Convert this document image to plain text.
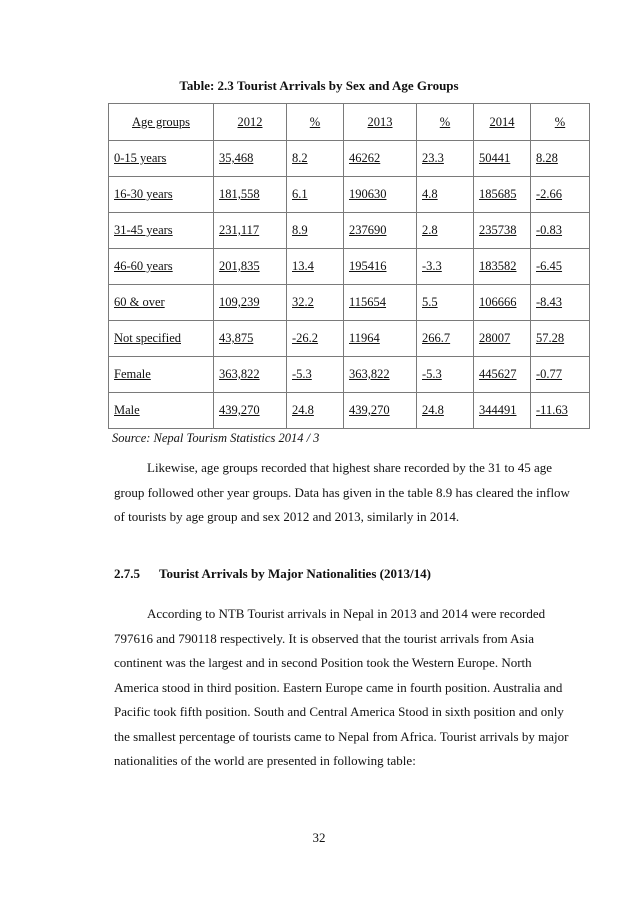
Table: 2.3 Tourist Arrivals by Sex and Age Groups
Age groups	2012	%	2013	%	2014	%
0-15 years	35,468	8.2	46262	23.3	50441	8.28
16-30 years	181,558	6.1	190630	4.8	185685	-2.66
31-45 years	231,117	8.9	237690	2.8	235738	-0.83
46-60 years	201,835	13.4	195416	-3.3	183582	-6.45
60 & over	109,239	32.2	115654	5.5	106666	-8.43
Not specified	43,875	-26.2	11964	266.7	28007	57.28
Female	363,822	-5.3	363,822	-5.3	445627	-0.77
Male	439,270	24.8	439,270	24.8	344491	-11.63
Source: Nepal Tourism Statistics 2014 / 3

Likewise, age groups recorded that highest share recorded by the 31 to 45 age group followed other year groups. Data has given in the table 8.9 has cleared the inflow of tourists by age group and sex 2012 and 2013, similarly in 2014.

2.7.5 Tourist Arrivals by Major Nationalities (2013/14)

According to NTB Tourist arrivals in Nepal in 2013 and 2014 were recorded 797616 and 790118 respectively. It is observed that the tourist arrivals from Asia continent was the largest and in second Position took the Western Europe. North America stood in third position. Eastern Europe came in fourth position. Australia and Pacific took fifth position. South and Central America Stood in sixth position and only the smallest percentage of tourists came to Nepal from Africa. Tourist arrivals by major nationalities of the world are presented in following table:

32
